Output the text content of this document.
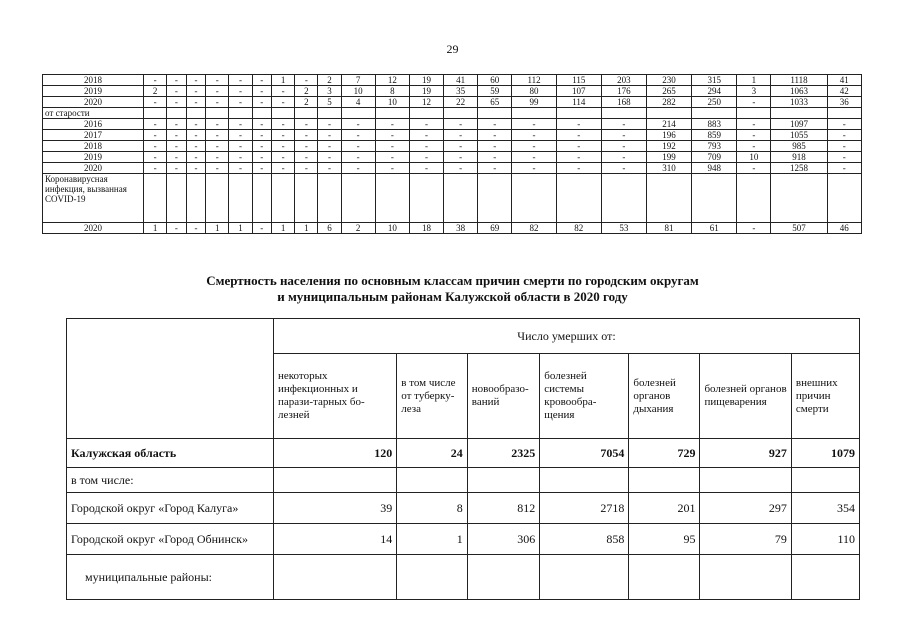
29
2018	-	-	-	-	-	-	1	-	2	7	12	19	41	60	112	115	203	230	315	1	1118	41
2019	2	-	-	-	-	-	-	2	3	10	8	19	35	59	80	107	176	265	294	3	1063	42
2020	-	-	-	-	-	-	-	2	5	4	10	12	22	65	99	114	168	282	250	-	1033	36
от старости																						
2016	-	-	-	-	-	-	-	-	-	-	-	-	-	-	-	-	-	214	883	-	1097	-
2017	-	-	-	-	-	-	-	-	-	-	-	-	-	-	-	-	-	196	859	-	1055	-
2018	-	-	-	-	-	-	-	-	-	-	-	-	-	-	-	-	-	192	793	-	985	-
2019	-	-	-	-	-	-	-	-	-	-	-	-	-	-	-	-	-	199	709	10	918	-
2020	-	-	-	-	-	-	-	-	-	-	-	-	-	-	-	-	-	310	948	-	1258	-
Коронавирусная инфекция, вызванная COVID-19																						
2020	1	-	-	1	1	-	1	1	6	2	10	18	38	69	82	82	53	81	61	-	507	46
Смертность населения по основным классам причин смерти по городским округам
и муниципальным районам Калужской области в 2020 году
	Число умерших от:						
	некоторых инфекционных и парази-тарных бо-лезней	в том числе от туберку-леза	новообразо-ваний	болезней системы кровообра-щения	болезней органов дыхания	болезней органов пищеварения	внешних причин смерти
Калужская область	120	24	2325	7054	729	927	1079
в том числе:							
Городской округ «Город Калуга»	39	8	812	2718	201	297	354
Городской округ «Город Обнинск»	14	1	306	858	95	79	110
муниципальные районы:							
